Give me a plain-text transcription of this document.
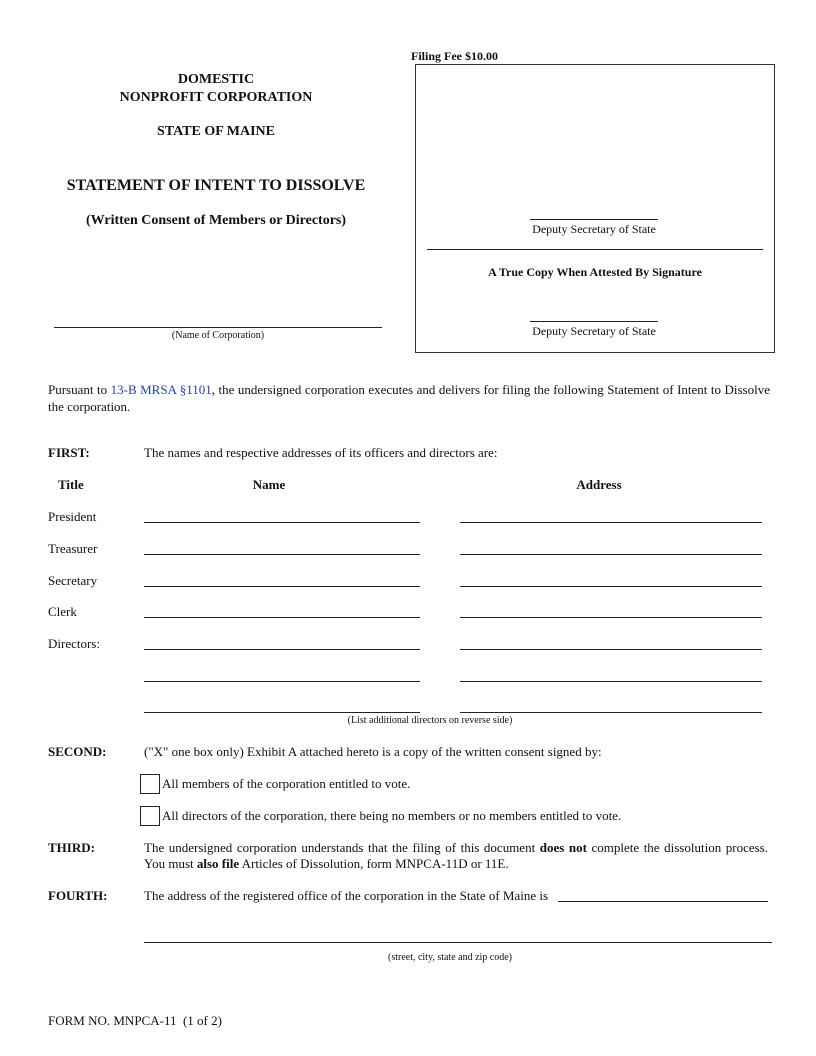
DOMESTIC
NONPROFIT CORPORATION
STATE OF MAINE
STATEMENT OF INTENT TO DISSOLVE
(Written Consent of Members or Directors)
(Name of Corporation)
Filing Fee $10.00
Deputy Secretary of State
A True Copy When Attested By Signature
Deputy Secretary of State
Pursuant to 13-B MRSA §1101, the undersigned corporation executes and delivers for filing the following Statement of Intent to Dissolve the corporation.
FIRST:	The names and respective addresses of its officers and directors are:
Title	Name	Address
President
Treasurer
Secretary
Clerk
Directors:
(List additional directors on reverse side)
SECOND:	("X" one box only) Exhibit A attached hereto is a copy of the written consent signed by:
All members of the corporation entitled to vote.
All directors of the corporation, there being no members or no members entitled to vote.
THIRD:	The undersigned corporation understands that the filing of this document does not complete the dissolution process. You must also file Articles of Dissolution, form MNPCA-11D or 11E.
FOURTH:	The address of the registered office of the corporation in the State of Maine is
(street, city, state and zip code)
FORM NO. MNPCA-11  (1 of 2)
